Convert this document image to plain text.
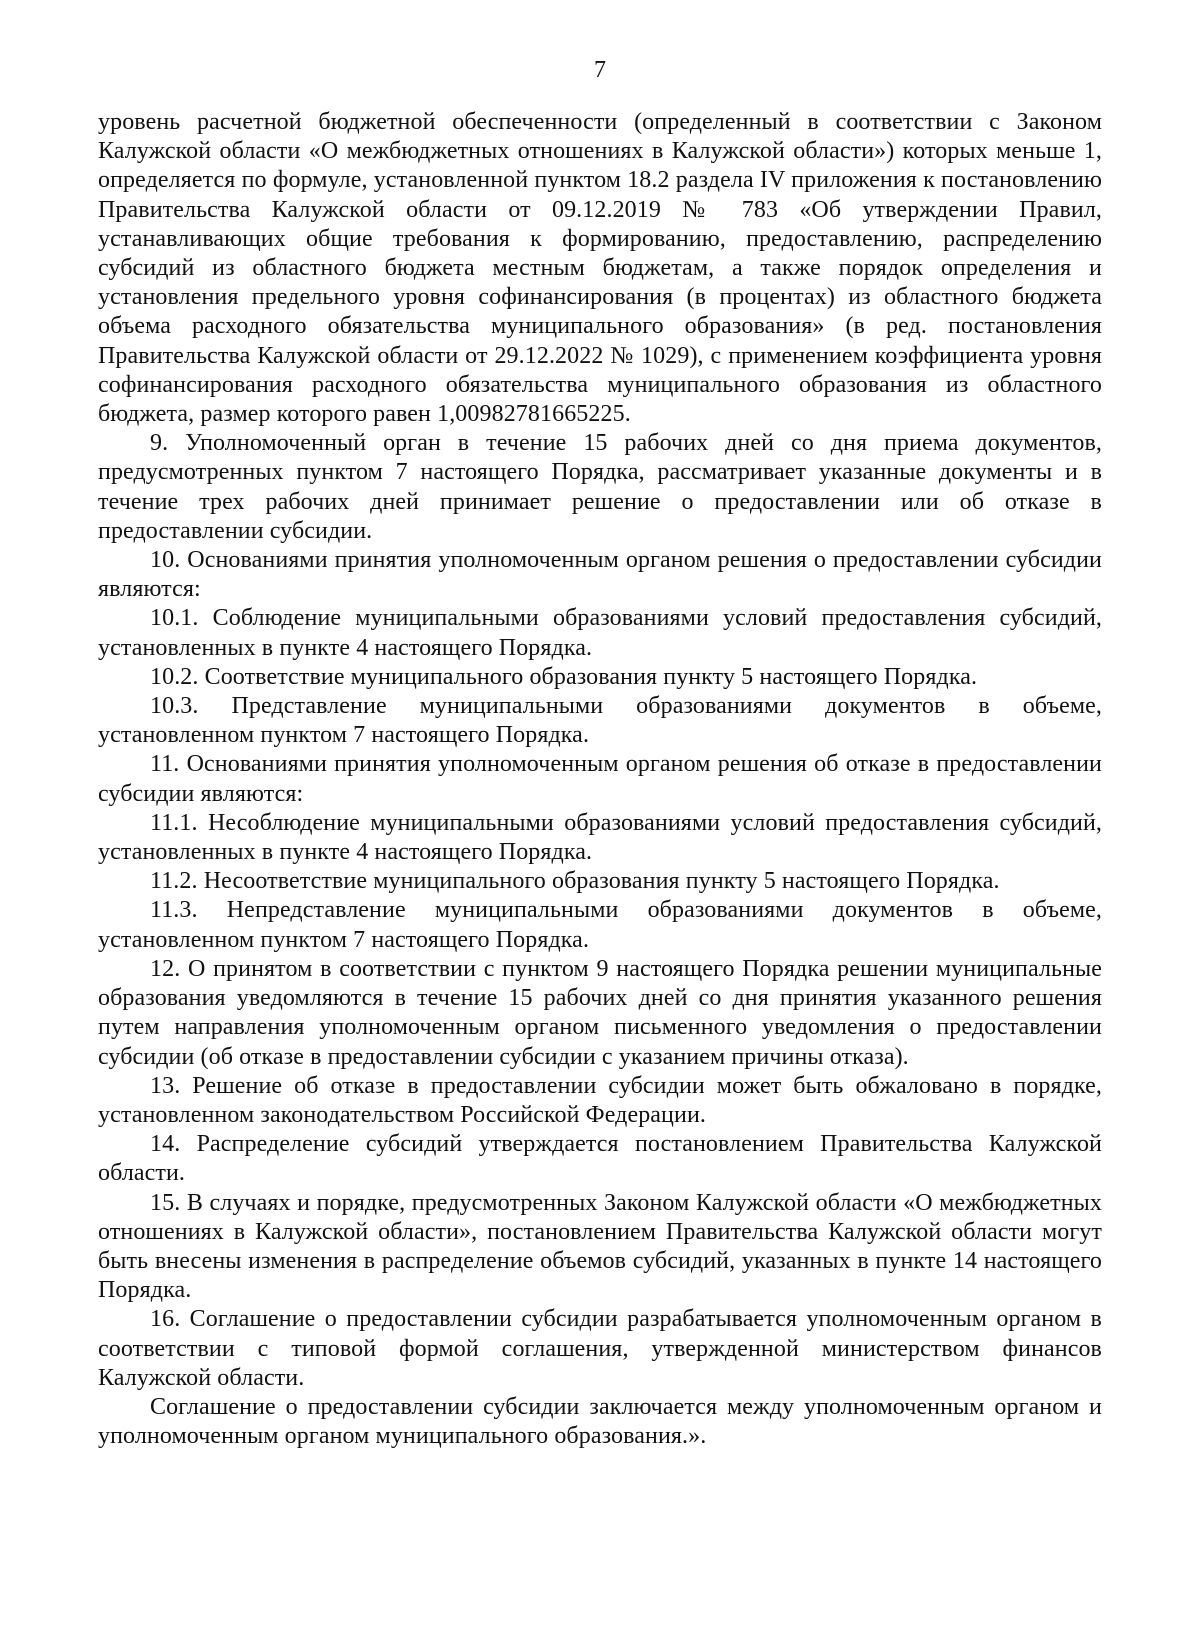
7

уровень расчетной бюджетной обеспеченности (определенный в соответствии с Законом Калужской области «О межбюджетных отношениях в Калужской области») которых меньше 1, определяется по формуле, установленной пунктом 18.2 раздела IV приложения к постановлению Правительства Калужской области от 09.12.2019 № 783 «Об утверждении Правил, устанавливающих общие требования к формированию, предоставлению, распределению субсидий из областного бюджета местным бюджетам, а также порядок определения и установления предельного уровня софинансирования (в процентах) из областного бюджета объема расходного обязательства муниципального образования» (в ред. постановления Правительства Калужской области от 29.12.2022 № 1029), с применением коэффициента уровня софинансирования расходного обязательства муниципального образования из областного бюджета, размер которого равен 1,00982781665225.

9. Уполномоченный орган в течение 15 рабочих дней со дня приема документов, предусмотренных пунктом 7 настоящего Порядка, рассматривает указанные документы и в течение трех рабочих дней принимает решение о предоставлении или об отказе в предоставлении субсидии.

10. Основаниями принятия уполномоченным органом решения о предоставлении субсидии являются:

10.1. Соблюдение муниципальными образованиями условий предоставления субсидий, установленных в пункте 4 настоящего Порядка.

10.2. Соответствие муниципального образования пункту 5 настоящего Порядка.

10.3. Представление муниципальными образованиями документов в объеме, установленном пунктом 7 настоящего Порядка.

11. Основаниями принятия уполномоченным органом решения об отказе в предоставлении субсидии являются:

11.1. Несоблюдение муниципальными образованиями условий предоставления субсидий, установленных в пункте 4 настоящего Порядка.

11.2. Несоответствие муниципального образования пункту 5 настоящего Порядка.

11.3. Непредставление муниципальными образованиями документов в объеме, установленном пунктом 7 настоящего Порядка.

12. О принятом в соответствии с пунктом 9 настоящего Порядка решении муниципальные образования уведомляются в течение 15 рабочих дней со дня принятия указанного решения путем направления уполномоченным органом письменного уведомления о предоставлении субсидии (об отказе в предоставлении субсидии с указанием причины отказа).

13. Решение об отказе в предоставлении субсидии может быть обжаловано в порядке, установленном законодательством Российской Федерации.

14. Распределение субсидий утверждается постановлением Правительства Калужской области.

15. В случаях и порядке, предусмотренных Законом Калужской области «О межбюджетных отношениях в Калужской области», постановлением Правительства Калужской области могут быть внесены изменения в распределение объемов субсидий, указанных в пункте 14 настоящего Порядка.

16. Соглашение о предоставлении субсидии разрабатывается уполномоченным органом в соответствии с типовой формой соглашения, утвержденной министерством финансов Калужской области.

Соглашение о предоставлении субсидии заключается между уполномоченным органом и уполномоченным органом муниципального образования.».
